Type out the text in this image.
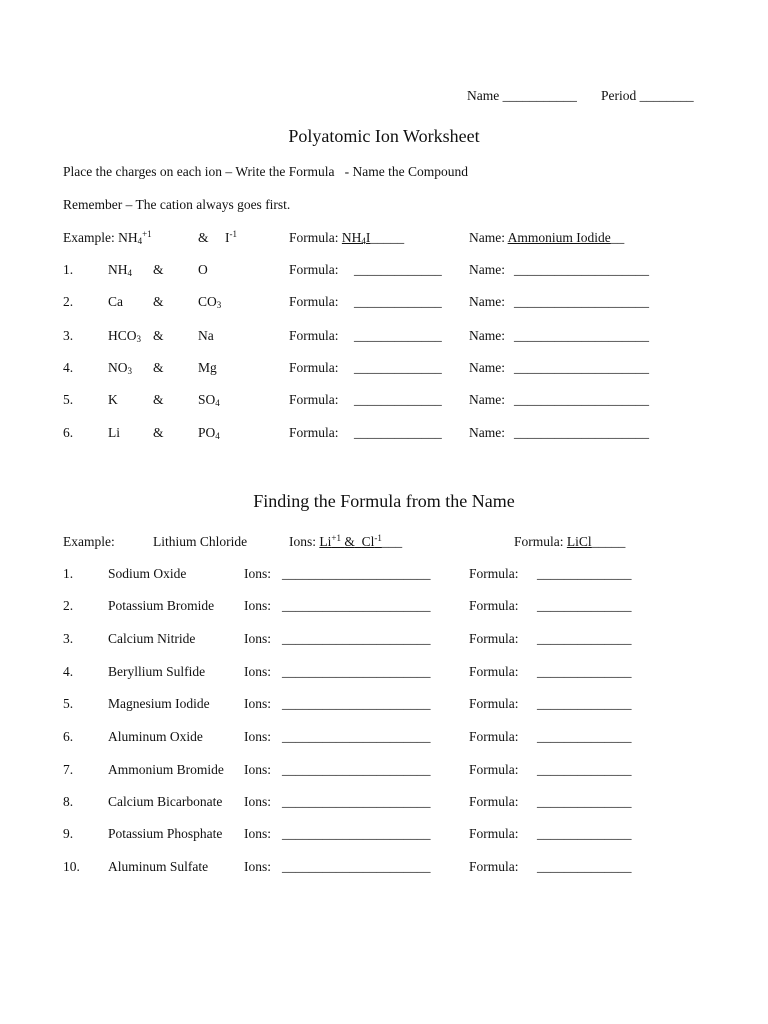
Name ___________ Period ________
Polyatomic Ion Worksheet
Place the charges on each ion – Write the Formula   - Name the Compound
Remember – The cation always goes first.
Example: $NH_4^{+1}$	& $I^{-1}$	Formula: $NH_4I\_\_\_\_\_$	Name: Ammonium Iodide__
1.	$NH_4$ &	O	Formula: _____________ Name: ____________________
2.	Ca &	$CO_3$	Formula: _____________ Name: ____________________
3.	$HCO_3$ &	Na	Formula: _____________ Name: ____________________
4.	$NO_3$ &	Mg	Formula: _____________ Name: ____________________
5.	K	&	$SO_4$	Formula: _____________ Name: ____________________
6.	Li &	$PO_4$	Formula: _____________ Name: ____________________
Finding the Formula from the Name
Example:	Lithium Chloride	Ions: $Li^{+1}$ & $Cl^{-1}\_\_\_$	Formula: LiCl_____
1.	Sodium Oxide	Ions: ______________________	Formula: ______________
2.	Potassium Bromide Ions: ______________________	Formula: ______________
3.	Calcium Nitride	Ions: ______________________	Formula: ______________
4.	Beryllium Sulfide	Ions: ______________________	Formula: ______________
5.	Magnesium Iodide	Ions: ______________________	Formula: ______________
6.	Aluminum Oxide	Ions: ______________________	Formula: ______________
7.	Ammonium Bromide Ions: ______________________	Formula: ______________
8.	Calcium Bicarbonate Ions: ______________________	Formula: ______________
9.	Potassium Phosphate Ions: ______________________	Formula: ______________
10. Aluminum Sulfate	Ions: ______________________	Formula: ______________
